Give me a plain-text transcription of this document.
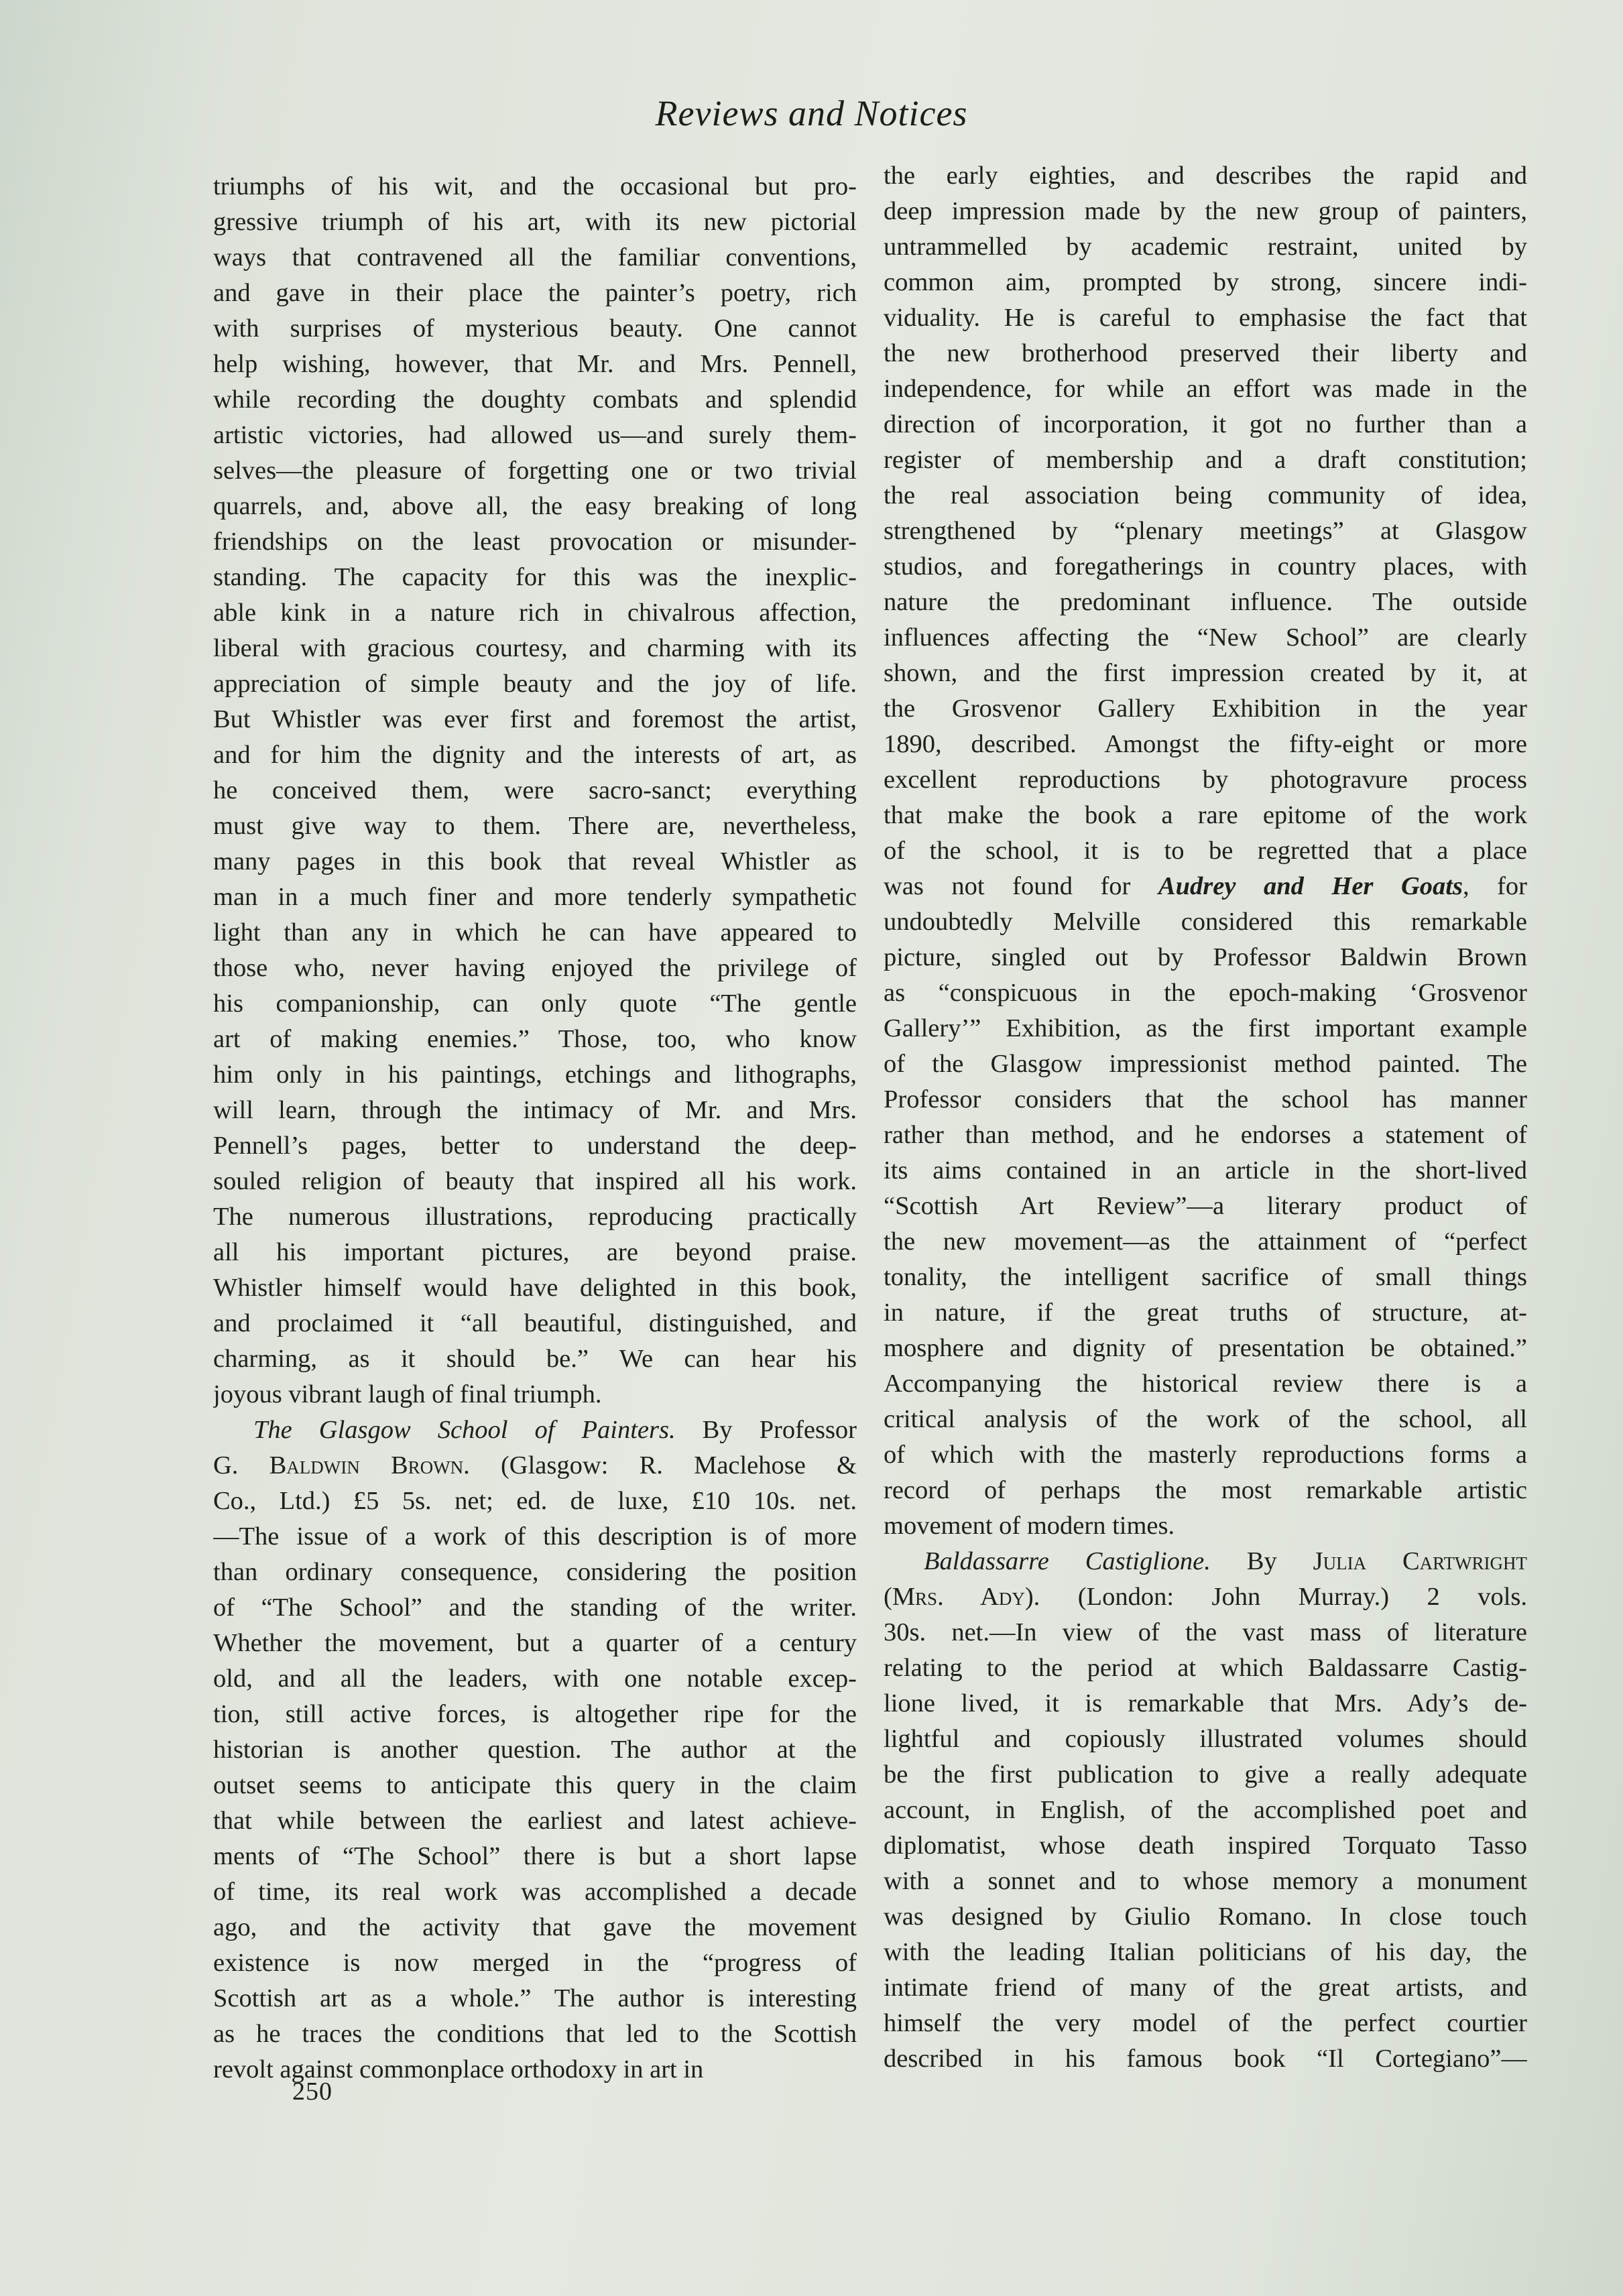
Reviews and Notices

triumphs of his wit, and the occasional but pro-

gressive triumph of his art, with its new pictorial

ways that contravened all the familiar conventions,

and gave in their place the painter’s poetry, rich

with surprises of mysterious beauty. One cannot

help wishing, however, that Mr. and Mrs. Pennell,

while recording the doughty combats and splendid

artistic victories, had allowed us—and surely them-

selves—the pleasure of forgetting one or two trivial

quarrels, and, above all, the easy breaking of long

friendships on the least provocation or misunder-

standing. The capacity for this was the inexplic-

able kink in a nature rich in chivalrous affection,

liberal with gracious courtesy, and charming with its

appreciation of simple beauty and the joy of life.

But Whistler was ever first and foremost the artist,

and for him the dignity and the interests of art, as

he conceived them, were sacro-sanct; everything

must give way to them. There are, nevertheless,

many pages in this book that reveal Whistler as

man in a much finer and more tenderly sympathetic

light than any in which he can have appeared to

those who, never having enjoyed the privilege of

his companionship, can only quote “The gentle

art of making enemies.” Those, too, who know

him only in his paintings, etchings and lithographs,

will learn, through the intimacy of Mr. and Mrs.

Pennell’s pages, better to understand the deep-

souled religion of beauty that inspired all his work.

The numerous illustrations, reproducing practically

all his important pictures, are beyond praise.

Whistler himself would have delighted in this book,

and proclaimed it “all beautiful, distinguished, and

charming, as it should be.” We can hear his

joyous vibrant laugh of final triumph.

The Glasgow School of Painters. By Professor

G. Baldwin Brown. (Glasgow: R. Maclehose &

Co., Ltd.) £5 5s. net; ed. de luxe, £10 10s. net.

—The issue of a work of this description is of more

than ordinary consequence, considering the position

of “The School” and the standing of the writer.

Whether the movement, but a quarter of a century

old, and all the leaders, with one notable excep-

tion, still active forces, is altogether ripe for the

historian is another question. The author at the

outset seems to anticipate this query in the claim

that while between the earliest and latest achieve-

ments of “The School” there is but a short lapse

of time, its real work was accomplished a decade

ago, and the activity that gave the movement

existence is now merged in the “progress of

Scottish art as a whole.” The author is interesting

as he traces the conditions that led to the Scottish

revolt against commonplace orthodoxy in art in

the early eighties, and describes the rapid and

deep impression made by the new group of painters,

untrammelled by academic restraint, united by

common aim, prompted by strong, sincere indi-

viduality. He is careful to emphasise the fact that

the new brotherhood preserved their liberty and

independence, for while an effort was made in the

direction of incorporation, it got no further than a

register of membership and a draft constitution;

the real association being community of idea,

strengthened by “plenary meetings” at Glasgow

studios, and foregatherings in country places, with

nature the predominant influence. The outside

influences affecting the “New School” are clearly

shown, and the first impression created by it, at

the Grosvenor Gallery Exhibition in the year

1890, described. Amongst the fifty-eight or more

excellent reproductions by photogravure process

that make the book a rare epitome of the work

of the school, it is to be regretted that a place

was not found for Audrey and Her Goats, for

undoubtedly Melville considered this remarkable

picture, singled out by Professor Baldwin Brown

as “conspicuous in the epoch-making ‘Grosvenor

Gallery’” Exhibition, as the first important example

of the Glasgow impressionist method painted. The

Professor considers that the school has manner

rather than method, and he endorses a statement of

its aims contained in an article in the short-lived

“Scottish Art Review”—a literary product of

the new movement—as the attainment of “perfect

tonality, the intelligent sacrifice of small things

in nature, if the great truths of structure, at-

mosphere and dignity of presentation be obtained.”

Accompanying the historical review there is a

critical analysis of the work of the school, all

of which with the masterly reproductions forms a

record of perhaps the most remarkable artistic

movement of modern times.

Baldassarre Castiglione. By Julia Cartwright

(Mrs. Ady). (London: John Murray.) 2 vols.

30s. net.—In view of the vast mass of literature

relating to the period at which Baldassarre Castig-

lione lived, it is remarkable that Mrs. Ady’s de-

lightful and copiously illustrated volumes should

be the first publication to give a really adequate

account, in English, of the accomplished poet and

diplomatist, whose death inspired Torquato Tasso

with a sonnet and to whose memory a monument

was designed by Giulio Romano. In close touch

with the leading Italian politicians of his day, the

intimate friend of many of the great artists, and

himself the very model of the perfect courtier

described in his famous book “Il Cortegiano”—

250
